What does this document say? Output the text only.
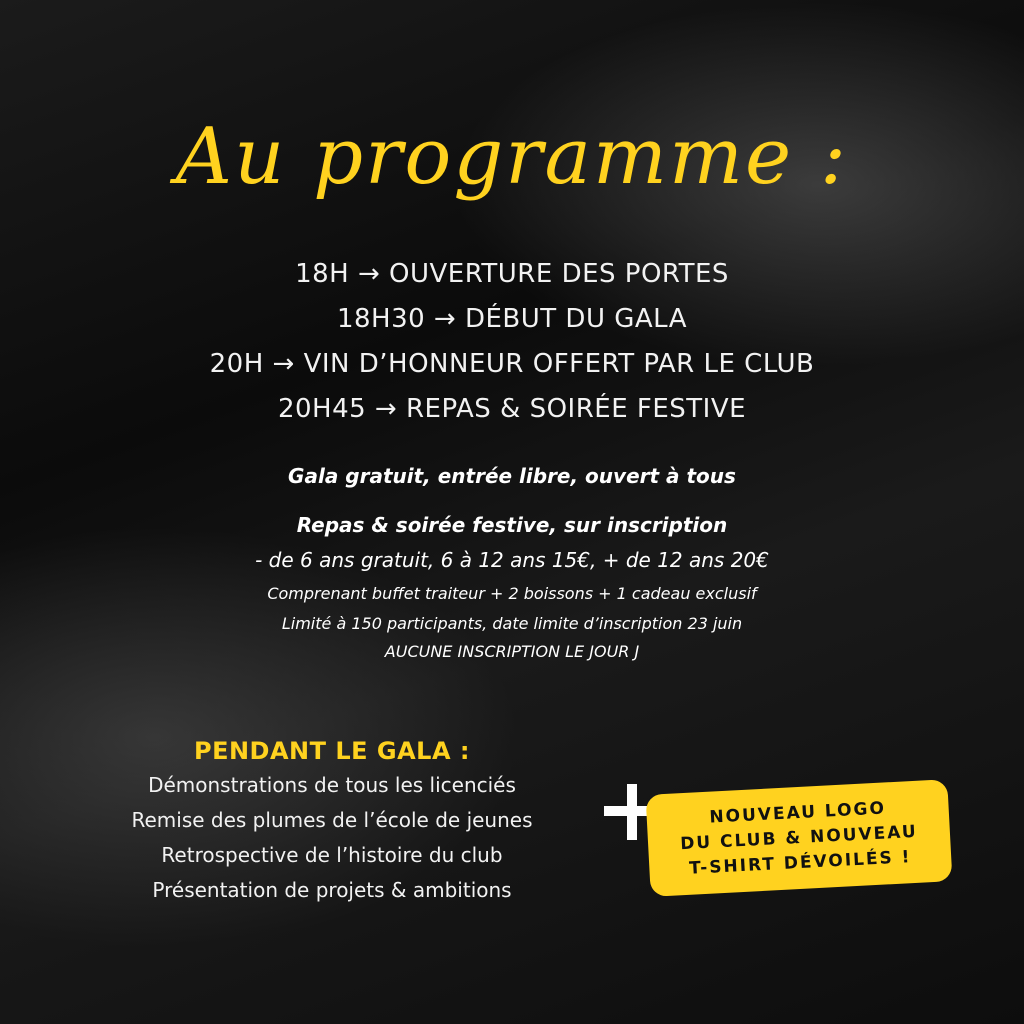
Au programme :
18H → OUVERTURE DES PORTES
18H30 → DÉBUT DU GALA
20H → VIN D’HONNEUR OFFERT PAR LE CLUB
20H45 → REPAS & SOIRÉE FESTIVE
Gala gratuit, entrée libre, ouvert à tous
Repas & soirée festive, sur inscription
- de 6 ans gratuit, 6 à 12 ans 15€, + de 12 ans 20€
Comprenant buffet traiteur + 2 boissons + 1 cadeau exclusif
Limité à 150 participants, date limite d’inscription 23 juin
AUCUNE INSCRIPTION LE JOUR J
PENDANT LE GALA :
Démonstrations de tous les licenciés
Remise des plumes de l’école de jeunes
Retrospective de l’histoire du club
Présentation de projets & ambitions
NOUVEAU LOGO
DU CLUB & NOUVEAU
T-SHIRT DÉVOILÉS !
